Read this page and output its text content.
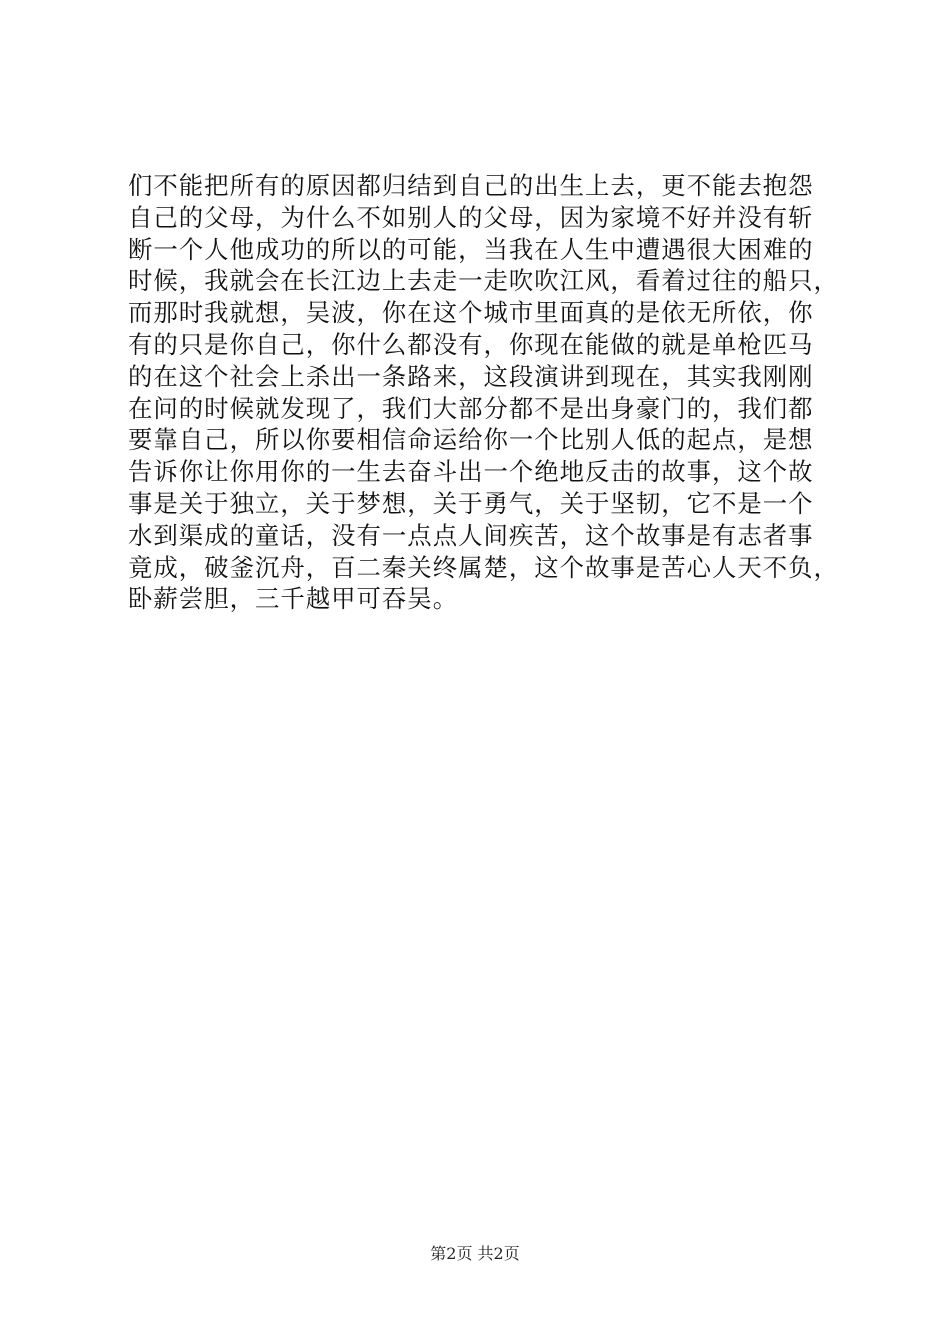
们不能把所有的原因都归结到自己的出生上去，更不能去抱怨
自己的父母，为什么不如别人的父母，因为家境不好并没有斩
断一个人他成功的所以的可能，当我在人生中遭遇很大困难的
时候，我就会在长江边上去走一走吹吹江风，看着过往的船只，
而那时我就想，吴波，你在这个城市里面真的是依无所依，你
有的只是你自己，你什么都没有，你现在能做的就是单枪匹马
的在这个社会上杀出一条路来，这段演讲到现在，其实我刚刚
在问的时候就发现了，我们大部分都不是出身豪门的，我们都
要靠自己，所以你要相信命运给你一个比别人低的起点，是想
告诉你让你用你的一生去奋斗出一个绝地反击的故事，这个故
事是关于独立，关于梦想，关于勇气，关于坚韧，它不是一个
水到渠成的童话，没有一点点人间疾苦，这个故事是有志者事
竟成，破釜沉舟，百二秦关终属楚，这个故事是苦心人天不负，
卧薪尝胆，三千越甲可吞吴。
第2页 共2页
